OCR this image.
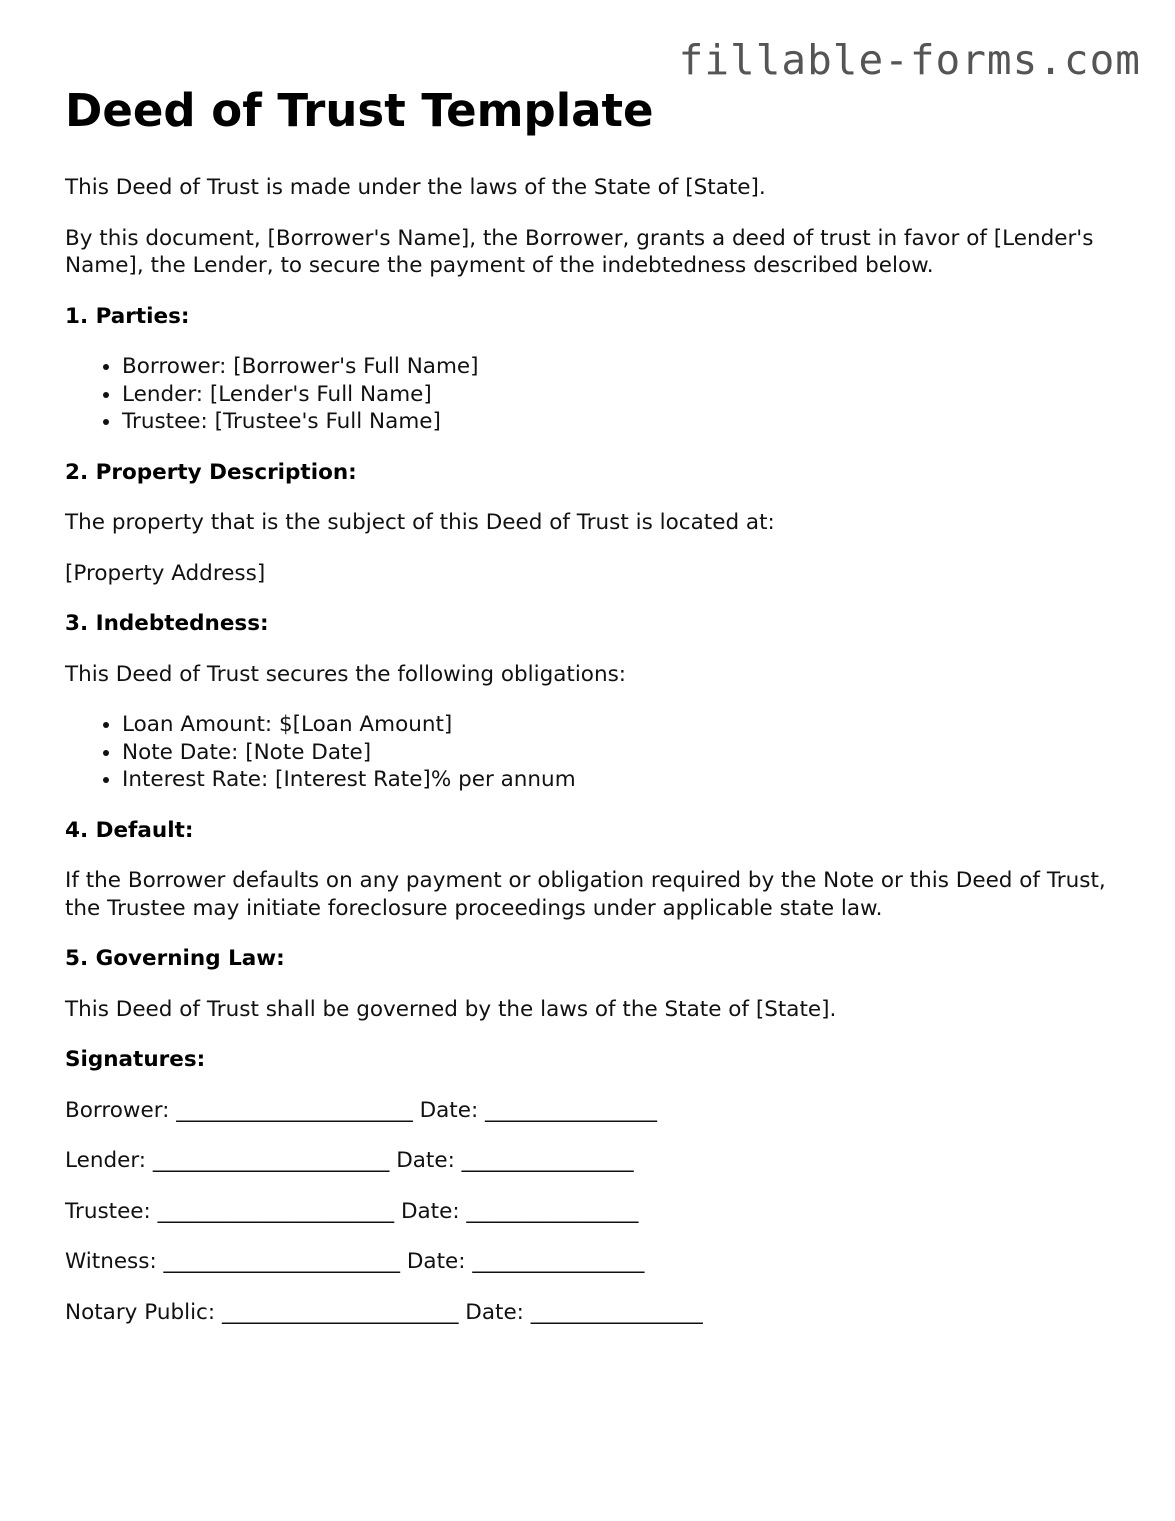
fillable-forms.com
Deed of Trust Template

This Deed of Trust is made under the laws of the State of [State].

By this document, [Borrower's Name], the Borrower, grants a deed of trust in favor of [Lender's Name], the Lender, to secure the payment of the indebtedness described below.

1. Parties:
• Borrower: [Borrower's Full Name]
• Lender: [Lender's Full Name]
• Trustee: [Trustee's Full Name]
2. Property Description:

The property that is the subject of this Deed of Trust is located at:

[Property Address]

3. Indebtedness:

This Deed of Trust secures the following obligations:

• Loan Amount: $[Loan Amount]
• Note Date: [Note Date]
• Interest Rate: [Interest Rate]% per annum
4. Default:

If the Borrower defaults on any payment or obligation required by the Note or this Deed of Trust, the Trustee may initiate foreclosure proceedings under applicable state law.

5. Governing Law:

This Deed of Trust shall be governed by the laws of the State of [State].

Signatures:
Borrower: ______________________ Date: ________________
Lender: ______________________ Date: ________________
Trustee: ______________________ Date: ________________
Witness: ______________________ Date: ________________
Notary Public: ______________________ Date: ________________
